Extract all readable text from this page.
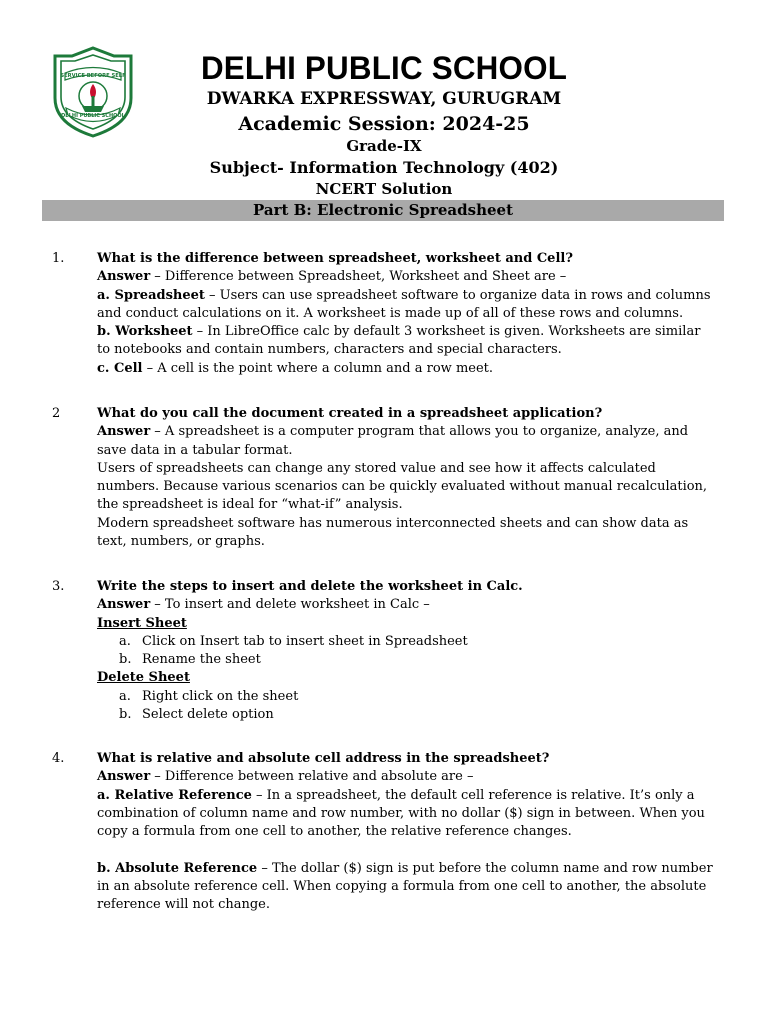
SERVICE BEFORE SELF
DELHI PUBLIC SCHOOL
DELHI PUBLIC SCHOOL
DWARKA EXPRESSWAY, GURUGRAM
Academic Session: 2024-25
Grade-IX
Subject- Information Technology (402)
NCERT Solution
Part B: Electronic Spreadsheet
1.	What is the difference between spreadsheet, worksheet and Cell?

Answer – Difference between Spreadsheet, Worksheet and Sheet are –

a. Spreadsheet – Users can use spreadsheet software to organize data in rows and columns and conduct calculations on it. A worksheet is made up of all of these rows and columns.

b. Worksheet – In LibreOffice calc by default 3 worksheet is given. Worksheets are similar to notebooks and contain numbers, characters and special characters.

c. Cell – A cell is the point where a column and a row meet.

2	What do you call the document created in a spreadsheet application?

Answer – A spreadsheet is a computer program that allows you to organize, analyze, and save data in a tabular format.

Users of spreadsheets can change any stored value and see how it affects calculated numbers. Because various scenarios can be quickly evaluated without manual recalculation, the spreadsheet is ideal for “what-if” analysis.

Modern spreadsheet software has numerous interconnected sheets and can show data as text, numbers, or graphs.

3.	Write the steps to insert and delete the worksheet in Calc.

Answer – To insert and delete worksheet in Calc –

Insert Sheet

a. Click on Insert tab to insert sheet in Spreadsheet

b. Rename the sheet

Delete Sheet

a. Right click on the sheet

b. Select delete option

4.	What is relative and absolute cell address in the spreadsheet?

Answer – Difference between relative and absolute are –

a. Relative Reference – In a spreadsheet, the default cell reference is relative. It’s only a combination of column name and row number, with no dollar ($) sign in between. When you copy a formula from one cell to another, the relative reference changes.

b. Absolute Reference – The dollar ($) sign is put before the column name and row number in an absolute reference cell. When copying a formula from one cell to another, the absolute reference will not change.
